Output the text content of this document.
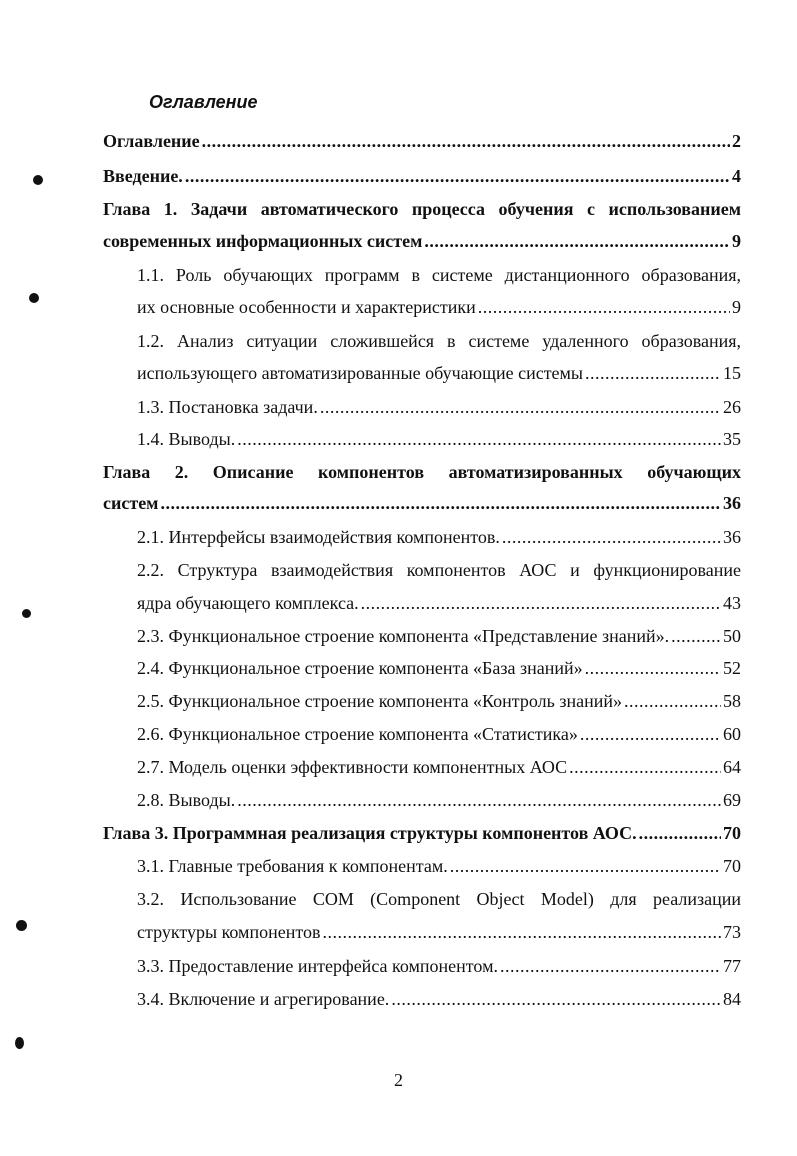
Оглавление
Оглавление .....	2
Введение. .....	4
Глава 1. Задачи автоматического процесса обучения с использованием
современных информационных систем .....	9
1.1. Роль обучающих программ в системе дистанционного образования,
их основные особенности и характеристики .....	9
1.2. Анализ ситуации сложившейся в системе удаленного образования,
использующего автоматизированные обучающие системы .....	15
1.3. Постановка задачи. .....	26
1.4. Выводы. .....	35
Глава 2. Описание компонентов автоматизированных обучающих
систем .....	36
2.1. Интерфейсы взаимодействия компонентов. .....	36
2.2. Структура взаимодействия компонентов АОС и функционирование
ядра обучающего комплекса. .....	43
2.3. Функциональное строение компонента «Представление знаний». .....	50
2.4. Функциональное строение компонента «База знаний» .....	52
2.5. Функциональное строение компонента «Контроль знаний» .....	58
2.6. Функциональное строение компонента «Статистика» .....	60
2.7. Модель оценки эффективности компонентных АОС .....	64
2.8. Выводы. .....	69
Глава 3. Программная реализация структуры компонентов АОС. .....	70
3.1. Главные требования к компонентам. .....	70
3.2. Использование COM (Component Object Model) для реализации
структуры компонентов .....	73
3.3. Предоставление интерфейса компонентом. .....	77
3.4. Включение и агрегирование. .....	84
2
